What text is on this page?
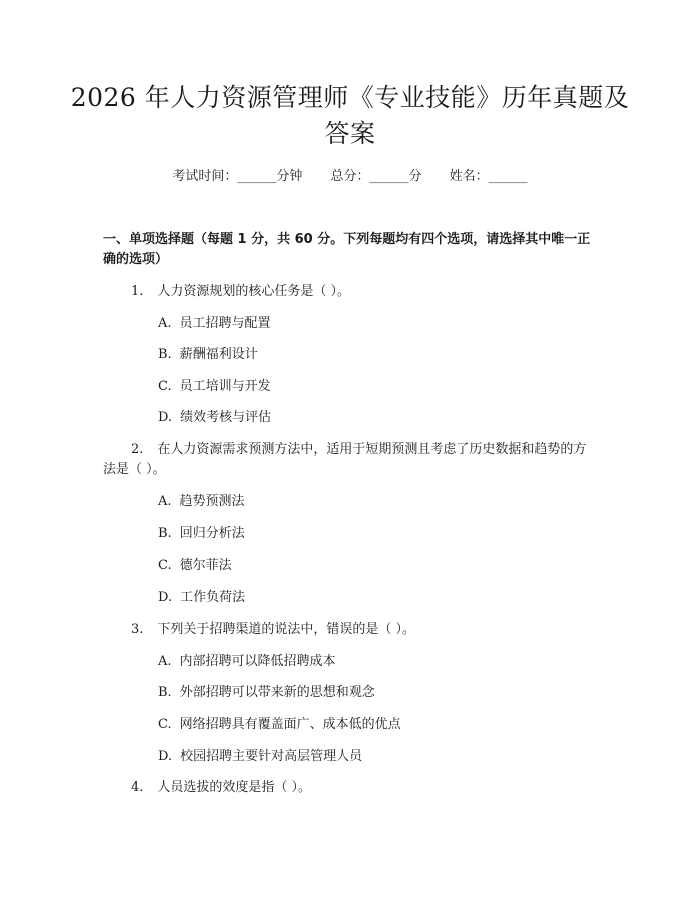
2026 年人力资源管理师《专业技能》历年真题及答案
考试时间：______分钟 总分：______分 姓名：______
一、单项选择题（每题 1 分，共 60 分。下列每题均有四个选项，请选择其中唯一正确的选项）
1. 人力资源规划的核心任务是（ ）。
A. 员工招聘与配置
B. 薪酬福利设计
C. 员工培训与开发
D. 绩效考核与评估
2. 在人力资源需求预测方法中，适用于短期预测且考虑了历史数据和趋势的方法是（ ）。
A. 趋势预测法
B. 回归分析法
C. 德尔菲法
D. 工作负荷法
3. 下列关于招聘渠道的说法中，错误的是（ ）。
A. 内部招聘可以降低招聘成本
B. 外部招聘可以带来新的思想和观念
C. 网络招聘具有覆盖面广、成本低的优点
D. 校园招聘主要针对高层管理人员
4. 人员选拔的效度是指（ ）。
